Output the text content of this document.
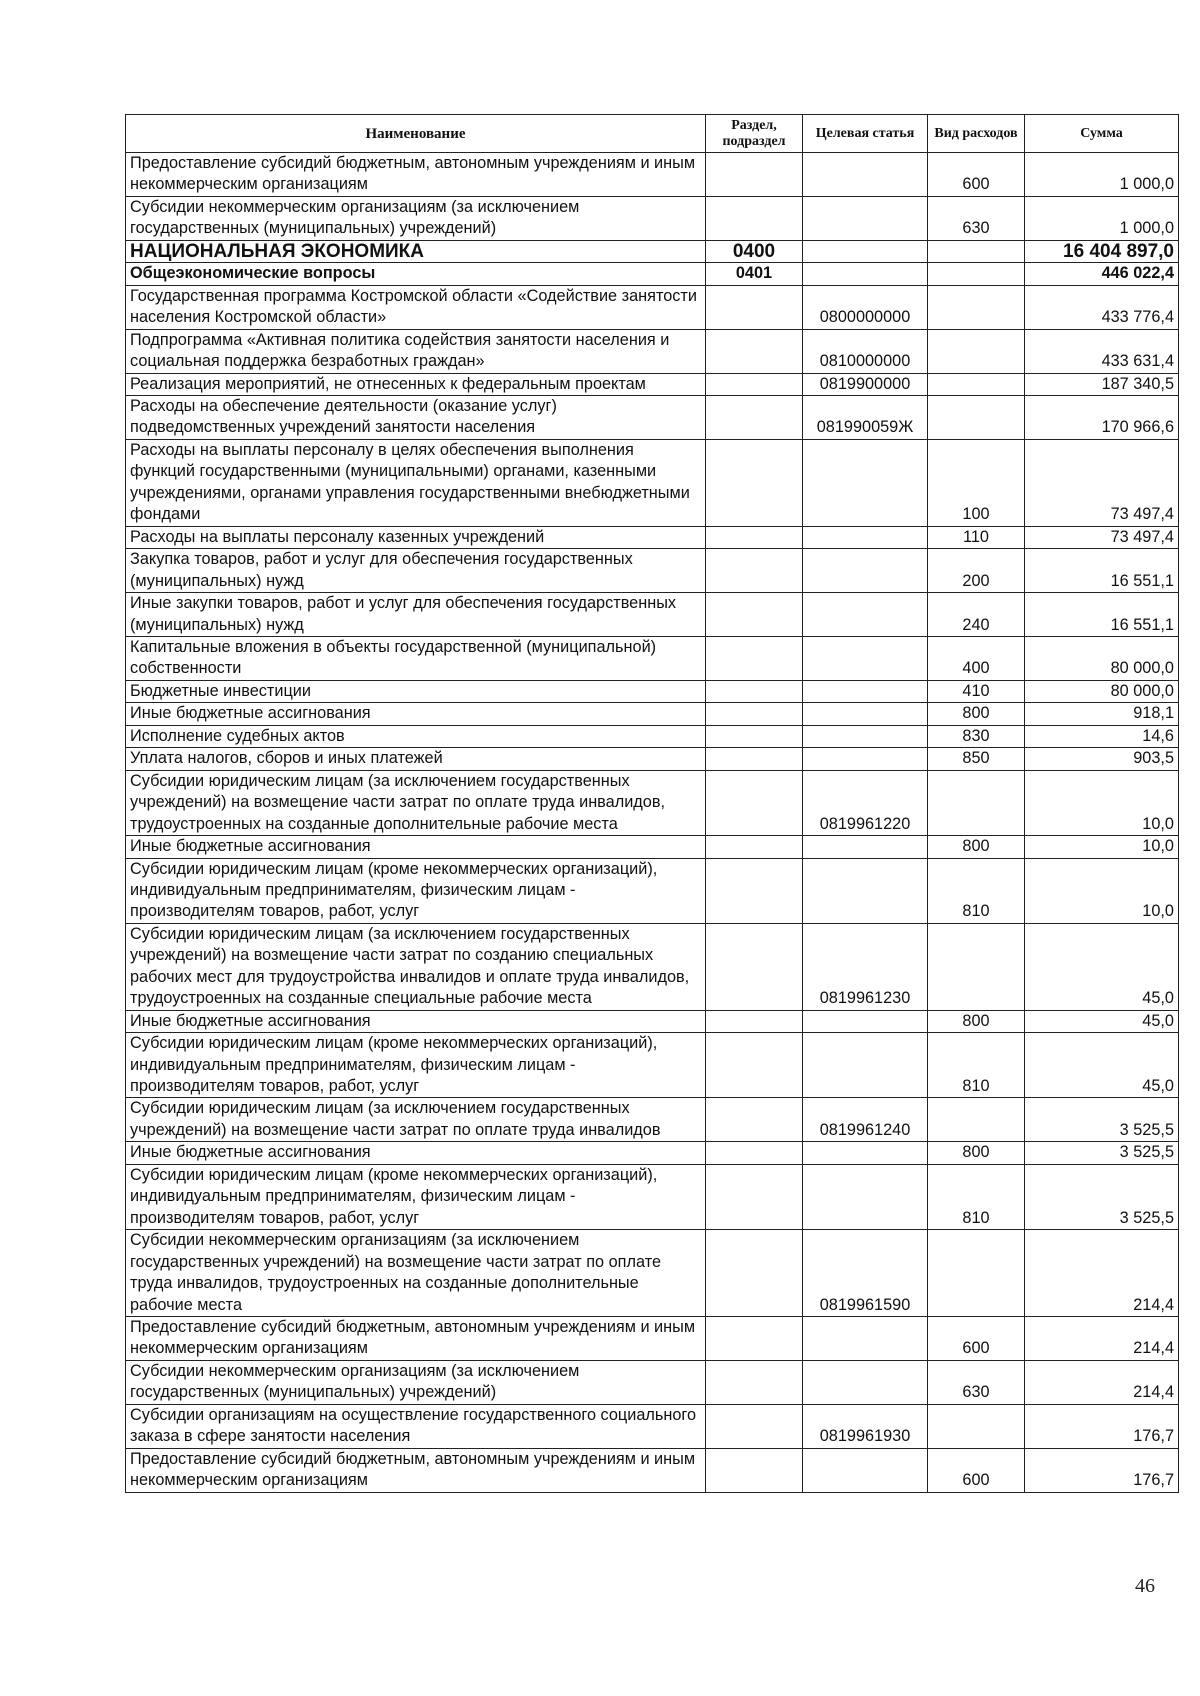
Наименование	Раздел, подраздел	Целевая статья	Вид расходов	Сумма
Предоставление субсидий бюджетным, автономным учреждениям и иным некоммерческим организациям			600	1 000,0
Субсидии некоммерческим организациям (за исключением государственных (муниципальных) учреждений)			630	1 000,0
НАЦИОНАЛЬНАЯ ЭКОНОМИКА	0400			16 404 897,0
Общеэкономические вопросы	0401			446 022,4
Государственная программа Костромской области «Содействие занятости населения Костромской области»		0800000000		433 776,4
Подпрограмма «Активная политика содействия занятости населения и социальная поддержка безработных граждан»		0810000000		433 631,4
Реализация мероприятий, не отнесенных к федеральным проектам		0819900000		187 340,5
Расходы на обеспечение деятельности (оказание услуг) подведомственных учреждений занятости населения		081990059Ж		170 966,6
Расходы на выплаты персоналу в целях обеспечения выполнения функций государственными (муниципальными) органами, казенными учреждениями, органами управления государственными внебюджетными фондами			100	73 497,4
Расходы на выплаты персоналу казенных учреждений			110	73 497,4
Закупка товаров, работ и услуг для обеспечения государственных (муниципальных) нужд			200	16 551,1
Иные закупки товаров, работ и услуг для обеспечения государственных (муниципальных) нужд			240	16 551,1
Капитальные вложения в объекты государственной (муниципальной) собственности			400	80 000,0
Бюджетные инвестиции			410	80 000,0
Иные бюджетные ассигнования			800	918,1
Исполнение судебных актов			830	14,6
Уплата налогов, сборов и иных платежей			850	903,5
Субсидии юридическим лицам (за исключением государственных учреждений) на возмещение части затрат по оплате труда инвалидов, трудоустроенных на созданные дополнительные рабочие места		0819961220		10,0
Иные бюджетные ассигнования			800	10,0
Субсидии юридическим лицам (кроме некоммерческих организаций), индивидуальным предпринимателям, физическим лицам - производителям товаров, работ, услуг			810	10,0
Субсидии юридическим лицам (за исключением государственных учреждений) на возмещение части затрат по созданию специальных рабочих мест для трудоустройства инвалидов и оплате труда инвалидов, трудоустроенных на созданные специальные рабочие места		0819961230		45,0
Иные бюджетные ассигнования			800	45,0
Субсидии юридическим лицам (кроме некоммерческих организаций), индивидуальным предпринимателям, физическим лицам - производителям товаров, работ, услуг			810	45,0
Субсидии юридическим лицам (за исключением государственных учреждений) на возмещение части затрат по оплате труда инвалидов		0819961240		3 525,5
Иные бюджетные ассигнования			800	3 525,5
Субсидии юридическим лицам (кроме некоммерческих организаций), индивидуальным предпринимателям, физическим лицам - производителям товаров, работ, услуг			810	3 525,5
Субсидии некоммерческим организациям (за исключением государственных учреждений) на возмещение части затрат по оплате труда инвалидов, трудоустроенных на созданные дополнительные рабочие места		0819961590		214,4
Предоставление субсидий бюджетным, автономным учреждениям и иным некоммерческим организациям			600	214,4
Субсидии некоммерческим организациям (за исключением государственных (муниципальных) учреждений)			630	214,4
Субсидии организациям на осуществление государственного социального заказа в сфере занятости населения		0819961930		176,7
Предоставление субсидий бюджетным, автономным учреждениям и иным некоммерческим организациям			600	176,7
46
